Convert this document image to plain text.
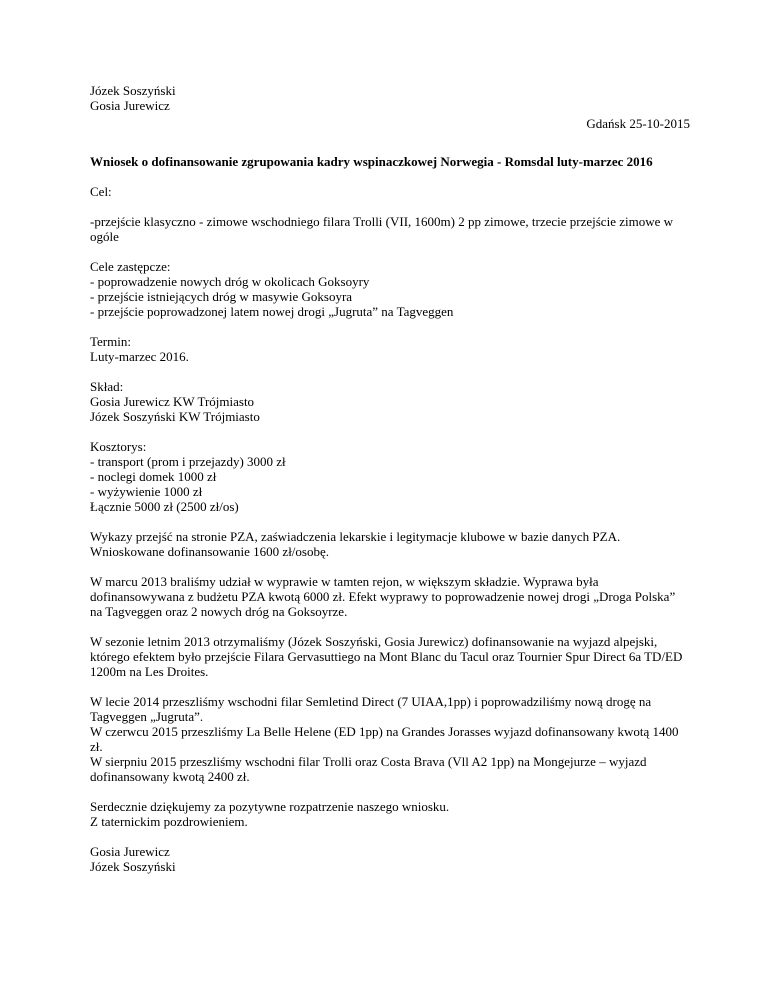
Józek Soszyński
Gosia Jurewicz
Gdańsk 25-10-2015
Wniosek o dofinansowanie zgrupowania kadry wspinaczkowej Norwegia - Romsdal luty-marzec 2016
Cel:
-przejście klasyczno - zimowe wschodniego filara Trolli (VII, 1600m) 2 pp zimowe, trzecie przejście zimowe w ogóle
Cele zastępcze:
- poprowadzenie nowych dróg w okolicach Goksoyry
- przejście istniejących dróg w masywie Goksoyra
- przejście poprowadzonej latem nowej drogi „Jugruta” na Tagveggen
Termin:
Luty-marzec 2016.
Skład:
Gosia Jurewicz KW Trójmiasto
Józek Soszyński KW Trójmiasto
Kosztorys:
- transport (prom i przejazdy) 3000 zł
- noclegi domek 1000 zł
- wyżywienie 1000 zł
Łącznie 5000 zł (2500 zł/os)
Wykazy przejść na stronie PZA, zaświadczenia lekarskie i legitymacje klubowe w bazie danych PZA.
Wnioskowane dofinansowanie 1600 zł/osobę.
W marcu 2013 braliśmy udział w wyprawie w tamten rejon, w większym składzie. Wyprawa była dofinansowywana z budżetu PZA kwotą 6000 zł. Efekt wyprawy to poprowadzenie nowej drogi „Droga Polska” na Tagveggen oraz 2 nowych dróg na Goksoyrze.
W sezonie letnim 2013 otrzymaliśmy (Józek Soszyński, Gosia Jurewicz) dofinansowanie na wyjazd alpejski, którego efektem było przejście Filara Gervasuttiego na Mont Blanc du Tacul oraz Tournier Spur Direct 6a TD/ED 1200m na Les Droites.
W lecie 2014 przeszliśmy wschodni filar Semletind Direct (7 UIAA,1pp) i poprowadziliśmy nową drogę na Tagveggen „Jugruta”.
W czerwcu 2015 przeszliśmy La Belle Helene (ED 1pp) na Grandes Jorasses wyjazd dofinansowany kwotą 1400 zł.
W sierpniu 2015 przeszliśmy wschodni filar Trolli oraz Costa Brava (Vll A2 1pp) na Mongejurze – wyjazd dofinansowany kwotą 2400 zł.
Serdecznie dziękujemy za pozytywne rozpatrzenie naszego wniosku.
Z taternickim pozdrowieniem.
Gosia Jurewicz
Józek Soszyński
